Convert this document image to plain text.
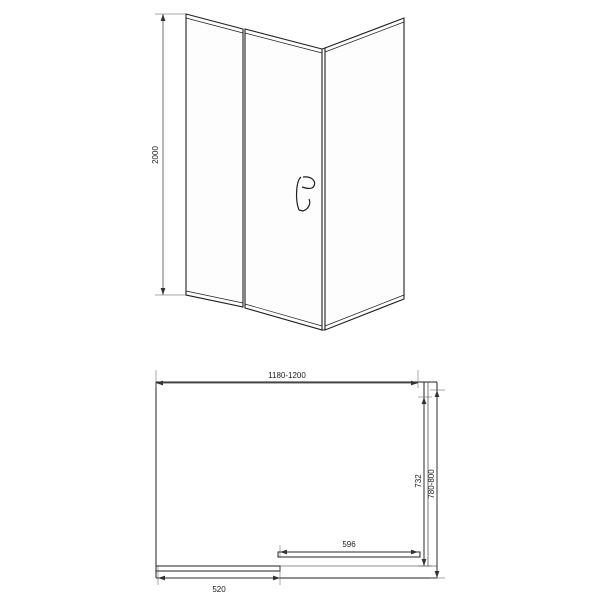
2000
1180-1200
732 780-800
596
520
